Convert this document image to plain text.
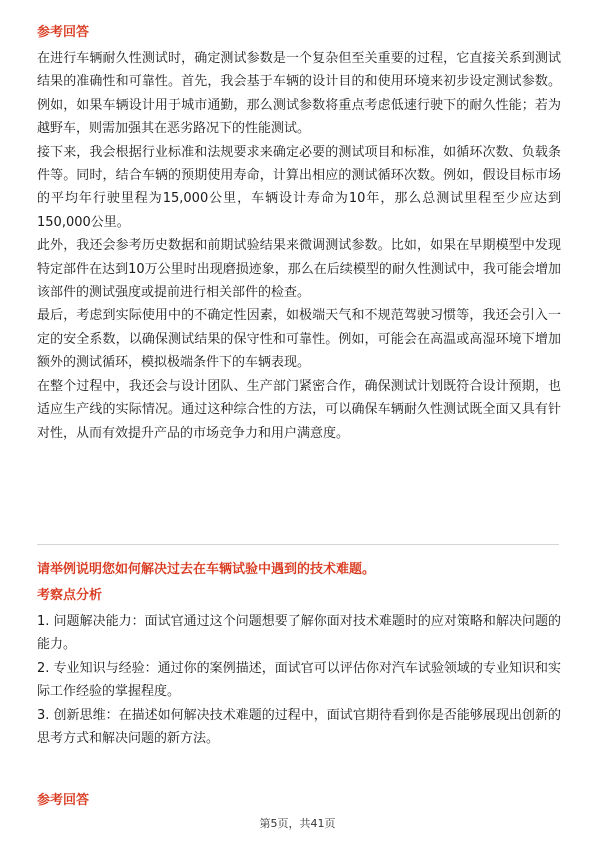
参考回答

在进行车辆耐久性测试时，确定测试参数是一个复杂但至关重要的过程，它直接关系到测试结果的准确性和可靠性。首先，我会基于车辆的设计目的和使用环境来初步设定测试参数。例如，如果车辆设计用于城市通勤，那么测试参数将重点考虑低速行驶下的耐久性能；若为越野车，则需加强其在恶劣路况下的性能测试。

接下来，我会根据行业标准和法规要求来确定必要的测试项目和标准，如循环次数、负载条件等。同时，结合车辆的预期使用寿命，计算出相应的测试循环次数。例如，假设目标市场的平均年行驶里程为15,000公里，车辆设计寿命为10年，那么总测试里程至少应达到150,000公里。

此外，我还会参考历史数据和前期试验结果来微调测试参数。比如，如果在早期模型中发现特定部件在达到10万公里时出现磨损迹象，那么在后续模型的耐久性测试中，我可能会增加该部件的测试强度或提前进行相关部件的检查。

最后，考虑到实际使用中的不确定性因素，如极端天气和不规范驾驶习惯等，我还会引入一定的安全系数，以确保测试结果的保守性和可靠性。例如，可能会在高温或高湿环境下增加额外的测试循环，模拟极端条件下的车辆表现。

在整个过程中，我还会与设计团队、生产部门紧密合作，确保测试计划既符合设计预期，也适应生产线的实际情况。通过这种综合性的方法，可以确保车辆耐久性测试既全面又具有针对性，从而有效提升产品的市场竞争力和用户满意度。

请举例说明您如何解决过去在车辆试验中遇到的技术难题。
考察点分析

1. 问题解决能力：面试官通过这个问题想要了解你面对技术难题时的应对策略和解决问题的能力。

2. 专业知识与经验：通过你的案例描述，面试官可以评估你对汽车试验领域的专业知识和实际工作经验的掌握程度。

3. 创新思维：在描述如何解决技术难题的过程中，面试官期待看到你是否能够展现出创新的思考方式和解决问题的新方法。

参考回答
第5页，共41页
